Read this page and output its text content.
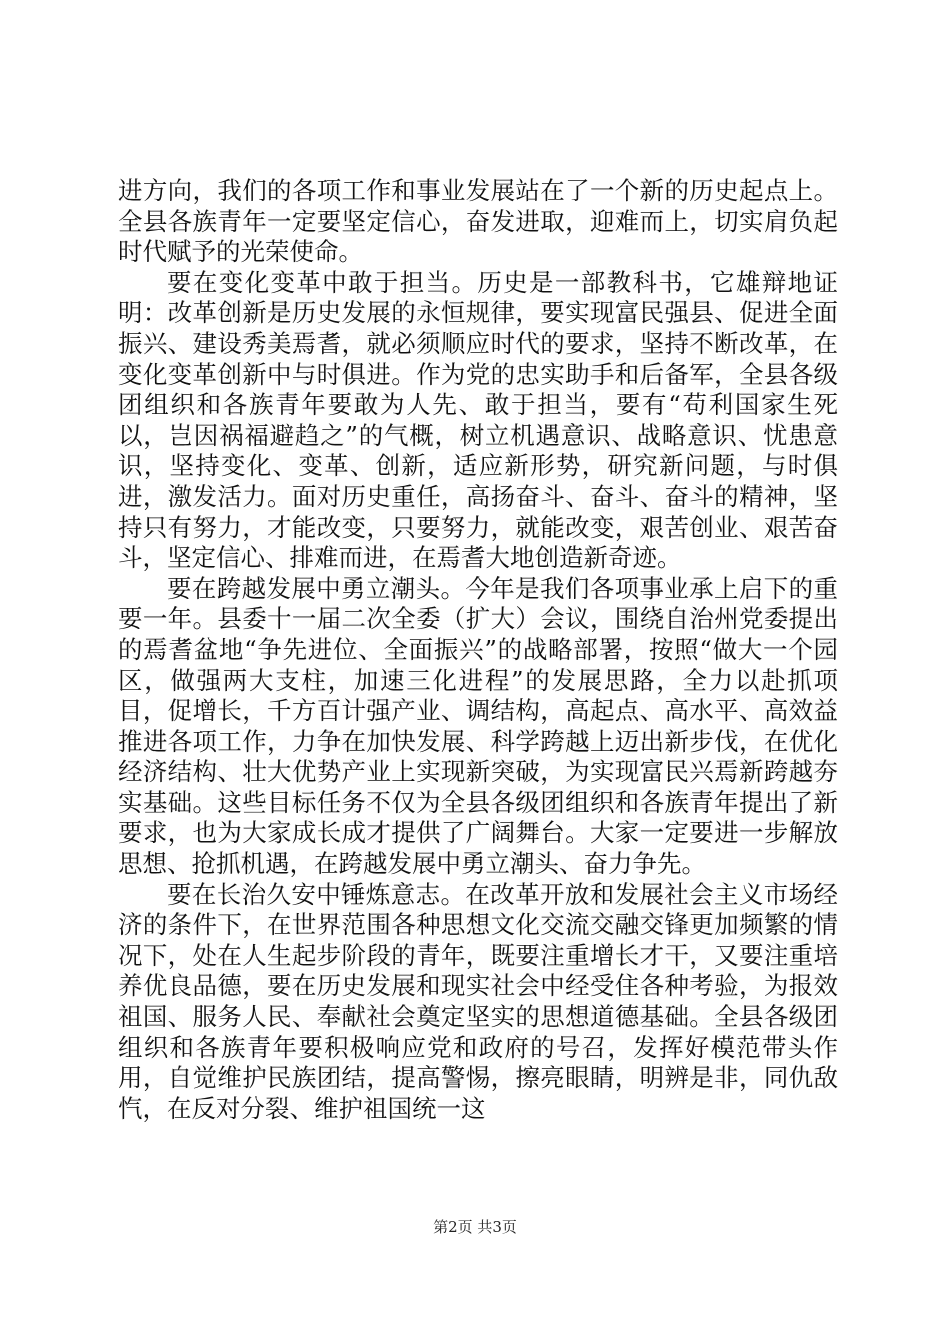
进方向，我们的各项工作和事业发展站在了一个新的历史起点上。全县各族青年一定要坚定信心，奋发进取，迎难而上，切实肩负起时代赋予的光荣使命。

要在变化变革中敢于担当。历史是一部教科书，它雄辩地证明：改革创新是历史发展的永恒规律，要实现富民强县、促进全面振兴、建设秀美焉耆，就必须顺应时代的要求，坚持不断改革，在变化变革创新中与时俱进。作为党的忠实助手和后备军，全县各级团组织和各族青年要敢为人先、敢于担当，要有“苟利国家生死以，岂因祸福避趋之”的气概，树立机遇意识、战略意识、忧患意识，坚持变化、变革、创新，适应新形势，研究新问题，与时俱进，激发活力。面对历史重任，高扬奋斗、奋斗、奋斗的精神，坚持只有努力，才能改变，只要努力，就能改变，艰苦创业、艰苦奋斗，坚定信心、排难而进，在焉耆大地创造新奇迹。

要在跨越发展中勇立潮头。今年是我们各项事业承上启下的重要一年。县委十一届二次全委（扩大）会议，围绕自治州党委提出的焉耆盆地“争先进位、全面振兴”的战略部署，按照“做大一个园区，做强两大支柱，加速三化进程”的发展思路，全力以赴抓项目，促增长，千方百计强产业、调结构，高起点、高水平、高效益推进各项工作，力争在加快发展、科学跨越上迈出新步伐，在优化经济结构、壮大优势产业上实现新突破，为实现富民兴焉新跨越夯实基础。这些目标任务不仅为全县各级团组织和各族青年提出了新要求，也为大家成长成才提供了广阔舞台。大家一定要进一步解放思想、抢抓机遇，在跨越发展中勇立潮头、奋力争先。

要在长治久安中锤炼意志。在改革开放和发展社会主义市场经济的条件下，在世界范围各种思想文化交流交融交锋更加频繁的情况下，处在人生起步阶段的青年，既要注重增长才干，又要注重培养优良品德，要在历史发展和现实社会中经受住各种考验，为报效祖国、服务人民、奉献社会奠定坚实的思想道德基础。全县各级团组织和各族青年要积极响应党和政府的号召，发挥好模范带头作用，自觉维护民族团结，提高警惕，擦亮眼睛，明辨是非，同仇敌忾，在反对分裂、维护祖国统一这

第2页 共3页
